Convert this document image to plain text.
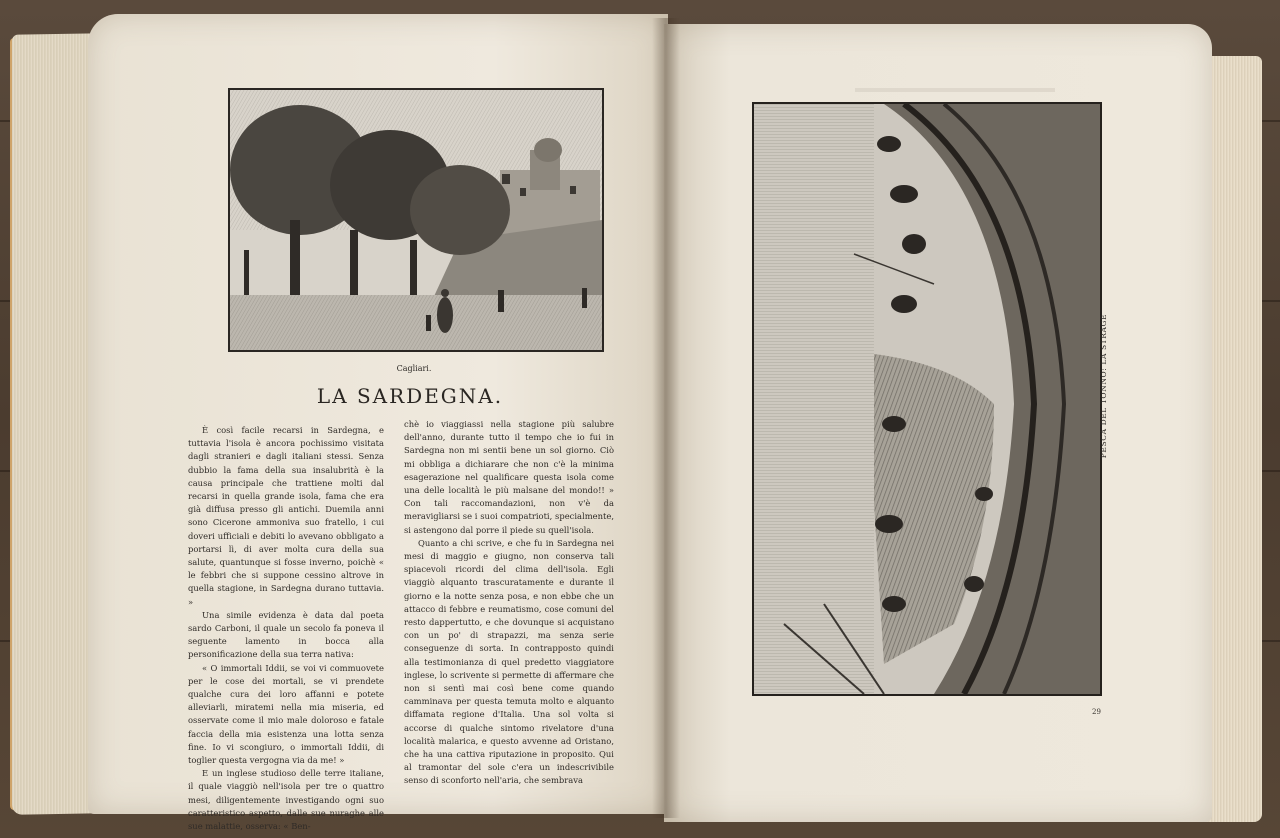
Cagliari.
LA SARDEGNA.

È così facile recarsi in Sardegna, e tuttavia l'isola è ancora pochissimo visitata dagli stranieri e dagli italiani stessi. Senza dubbio la fama della sua insalubrità è la causa principale che trattiene molti dal recarsi in quella grande isola, fama che era già diffusa presso gli antichi. Duemila anni sono Cicerone ammoniva suo fratello, i cui doveri ufficiali e debiti lo avevano obbligato a portarsi lì, di aver molta cura della sua salute, quantunque si fosse inverno, poichè « le febbri che si suppone cessino altrove in quella stagione, in Sardegna durano tuttavia. »

Una simile evidenza è data dal poeta sardo Carboni, il quale un secolo fa poneva il seguente lamento in bocca alla personificazione della sua terra nativa:

« O immortali Iddii, se voi vi commuovete per le cose dei mortali, se vi prendete qualche cura dei loro affanni e potete alleviarli, miratemi nella mia miseria, ed osservate come il mio male doloroso e fatale faccia della mia esistenza una lotta senza fine. Io vi scongiuro, o immortali Iddii, di toglier questa vergogna via da me! »

E un inglese studioso delle terre italiane, il quale viaggiò nell'isola per tre o quattro mesi, diligentemente investigando ogni suo caratteristico aspetto, dalle sue nuraghe alle sue malattie, osserva: « Ben-

chè io viaggiassi nella stagione più salubre dell'anno, durante tutto il tempo che io fui in Sardegna non mi sentii bene un sol giorno. Ciò mi obbliga a dichiarare che non c'è la minima esagerazione nel qualificare questa isola come una delle località le più malsane del mondo!! » Con tali raccomandazioni, non v'è da meravigliarsi se i suoi compatrioti, specialmente, si astengono dal porre il piede su quell'isola.

Quanto a chi scrive, e che fu in Sardegna nei mesi di maggio e giugno, non conserva tali spiacevoli ricordi del clima dell'isola. Egli viaggiò alquanto trascuratamente e durante il giorno e la notte senza posa, e non ebbe che un attacco di febbre e reumatismo, cose comuni del resto dappertutto, e che dovunque si acquistano con un po' di strapazzi, ma senza serie conseguenze di sorta. In contrapposto quindi alla testimonianza di quel predetto viaggiatore inglese, lo scrivente si permette di affermare che non si sentì mai così bene come quando camminava per questa temuta molto e alquanto diffamata regione d'Italia. Una sol volta si accorse di qualche sintomo rivelatore d'una località malarica, e questo avvenne ad Oristano, che ha una cattiva riputazione in proposito. Qui al tramontar del sole c'era un indescrivibile senso di sconforto nell'aria, che sembrava

PESCA DEL TONNO: LA STRAGE
29
